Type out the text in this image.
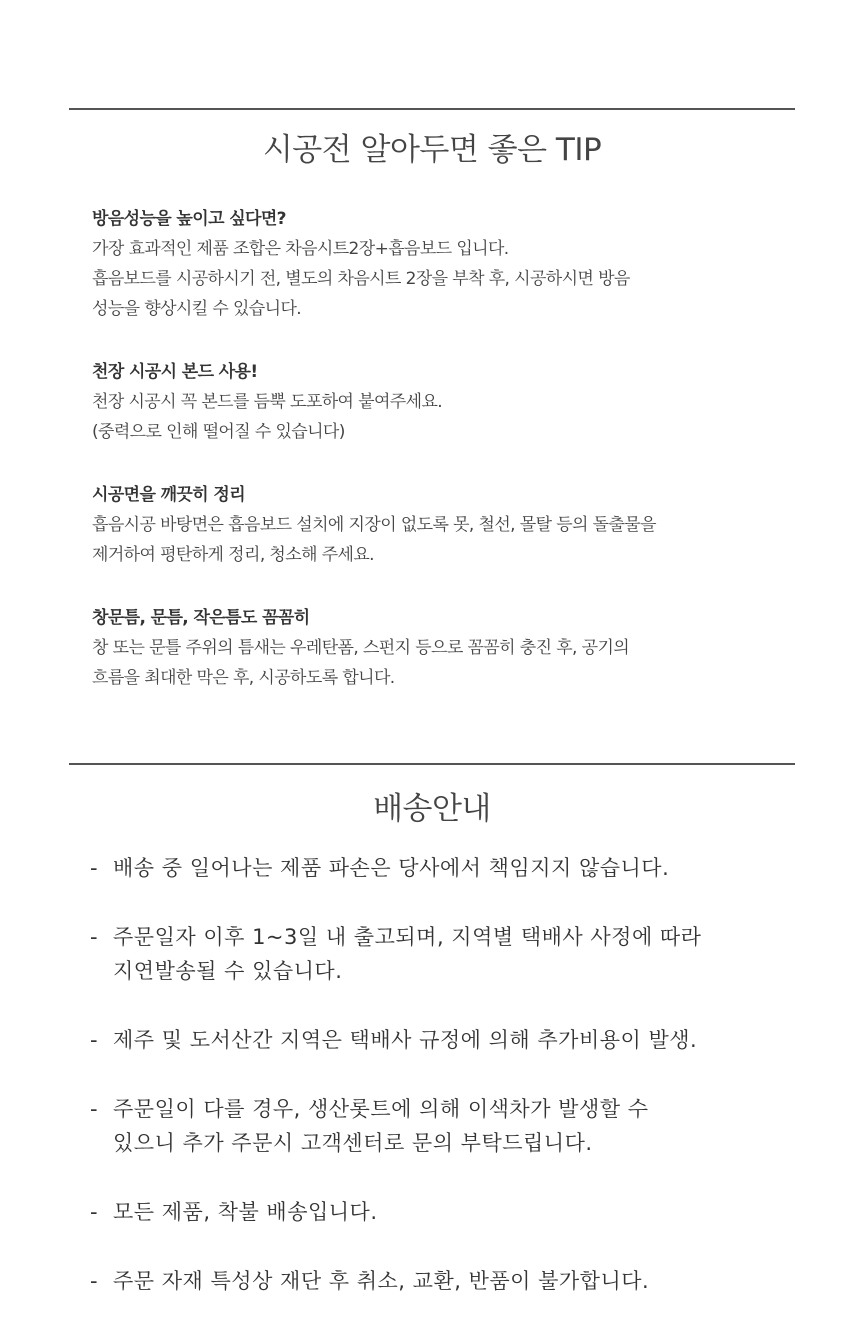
시공전 알아두면 좋은 TIP
방음성능을 높이고 싶다면?
가장 효과적인 제품 조합은 차음시트2장+흡음보드 입니다.
흡음보드를 시공하시기 전, 별도의 차음시트 2장을 부착 후, 시공하시면 방음
성능을 향상시킬 수 있습니다.
천장 시공시 본드 사용!
천장 시공시 꼭 본드를 듬뿍 도포하여 붙여주세요.
(중력으로 인해 떨어질 수 있습니다)
시공면을 깨끗히 정리
흡음시공 바탕면은 흡음보드 설치에 지장이 없도록 못, 철선, 몰탈 등의 돌출물을
제거하여 평탄하게 정리, 청소해 주세요.
창문틈, 문틈, 작은틈도 꼼꼼히
창 또는 문틀 주위의 틈새는 우레탄폼, 스펀지 등으로 꼼꼼히 충진 후, 공기의
흐름을 최대한 막은 후, 시공하도록 합니다.
배송안내
- 배송 중 일어나는 제품 파손은 당사에서 책임지지 않습니다.
- 주문일자 이후 1~3일 내 출고되며, 지역별 택배사 사정에 따라
지연발송될 수 있습니다.
- 제주 및 도서산간 지역은 택배사 규정에 의해 추가비용이 발생.
- 주문일이 다를 경우, 생산롯트에 의해 이색차가 발생할 수
있으니 추가 주문시 고객센터로 문의 부탁드립니다.
- 모든 제품, 착불 배송입니다.
- 주문 자재 특성상 재단 후 취소, 교환, 반품이 불가합니다.
